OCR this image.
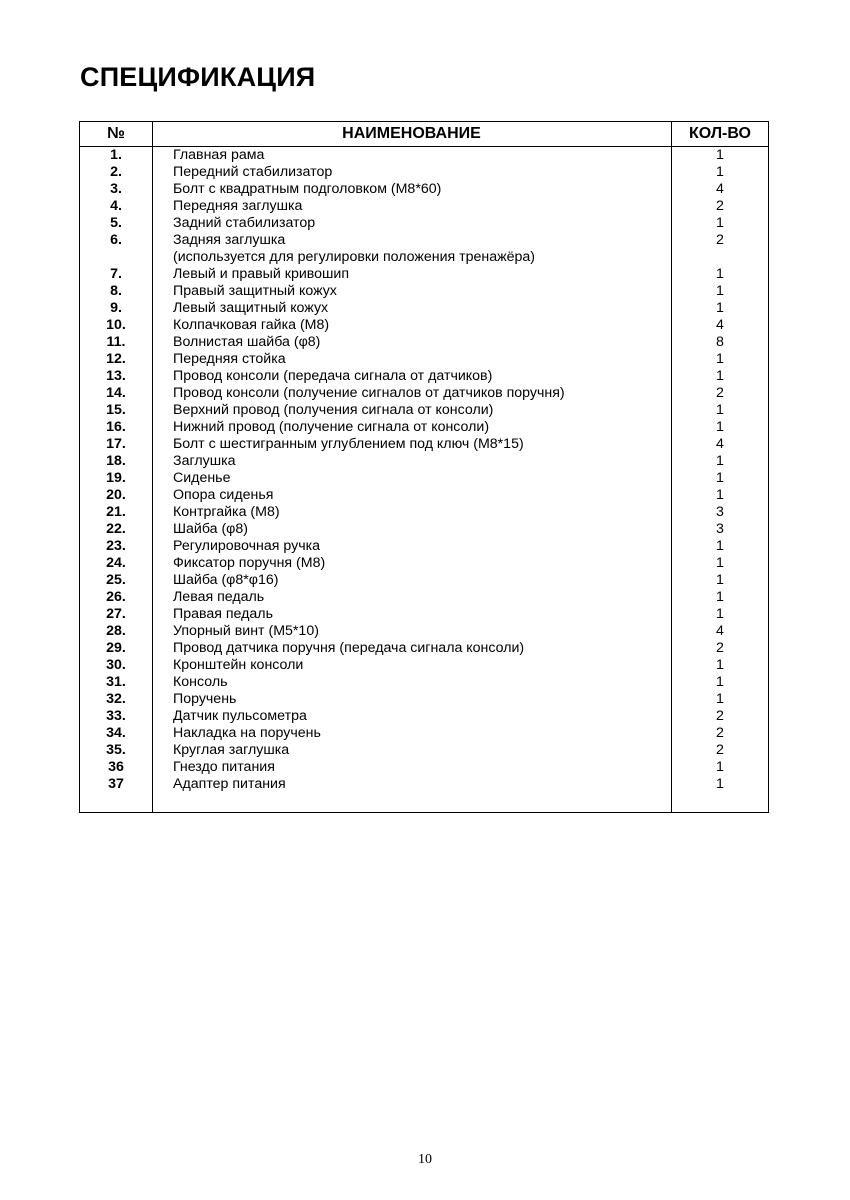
СПЕЦИФИКАЦИЯ
№	НАИМЕНОВАНИЕ	КОЛ-ВО
1.	Главная рама	1
2.	Передний стабилизатор	1
3.	Болт с квадратным подголовком (M8*60)	4
4.	Передняя заглушка	2
5.	Задний стабилизатор	1
6.	Задняя заглушка	2
(используется для регулировки положения тренажёра)
7.	Левый и правый кривошип	1
8.	Правый защитный кожух	1
9.	Левый защитный кожух	1
10.	Колпачковая гайка (M8)	4
11.	Волнистая шайба (φ8)	8
12.	Передняя стойка	1
13.	Провод консоли (передача сигнала от датчиков)	1
14.	Провод консоли (получение сигналов от датчиков поручня)	2
15.	Верхний провод (получения сигнала от консоли)	1
16.	Нижний провод (получение сигнала от консоли)	1
17.	Болт с шестигранным углублением под ключ (M8*15)	4
18.	Заглушка	1
19.	Сиденье	1
20.	Опора сиденья	1
21.	Контргайка (M8)	3
22.	Шайба (φ8)	3
23.	Регулировочная ручка	1
24.	Фиксатор поручня (M8)	1
25.	Шайба (φ8*φ16)	1
26.	Левая педаль	1
27.	Правая педаль	1
28.	Упорный винт (M5*10)	4
29.	Провод датчика поручня (передача сигнала консоли)	2
30.	Кронштейн консоли	1
31.	Консоль	1
32.	Поручень	1
33.	Датчик пульсометра	2
34.	Накладка на поручень	2
35.	Круглая заглушка	2
36	Гнездо питания	1
37	Адаптер питания	1
10
